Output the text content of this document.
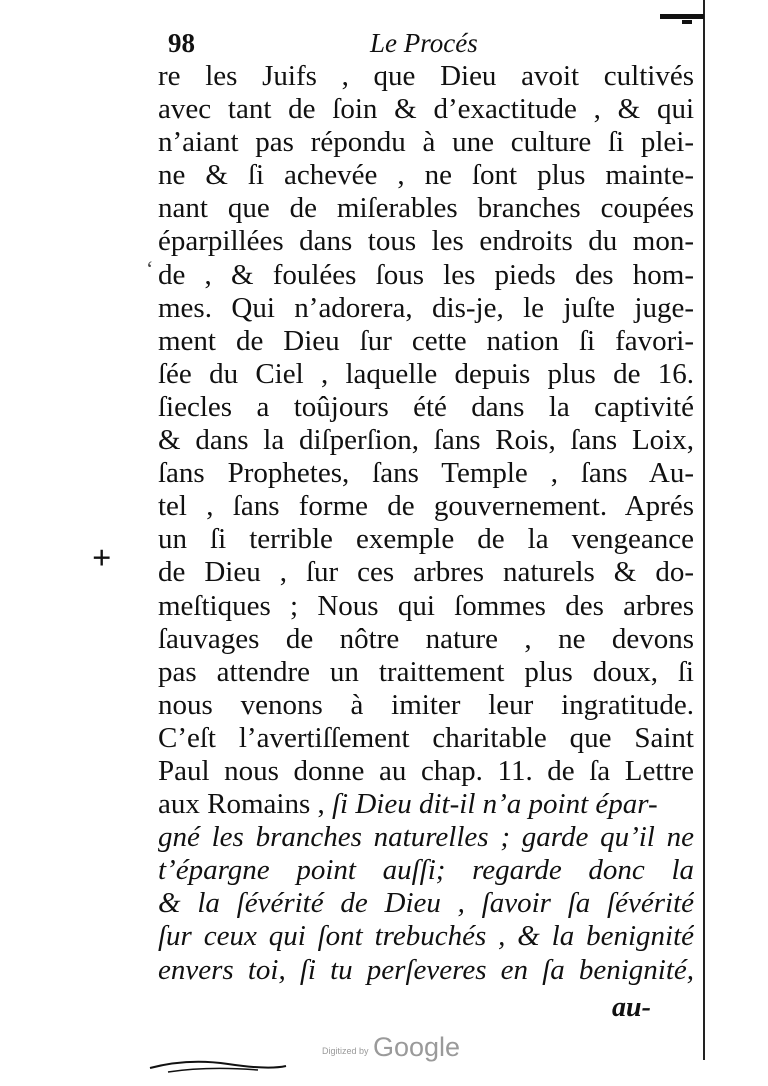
98	Le Procés
‘
+
re les Juifs , que Dieu avoit cultivés
avec tant de ſoin & d’exactitude , & qui
n’aiant pas répondu à une culture ſi plei-
ne & ſi achevée , ne ſont plus mainte-
nant que de miſerables branches coupées
éparpillées dans tous les endroits du mon-
de , & foulées ſous les pieds des hom-
mes. Qui n’adorera, dis-je, le juſte juge-
ment de Dieu ſur cette nation ſi favori-
ſée du Ciel , laquelle depuis plus de 16.
ſiecles a toûjours été dans la captivité
& dans la diſperſion, ſans Rois, ſans Loix,
ſans Prophetes, ſans Temple , ſans Au-
tel , ſans forme de gouvernement. Aprés
un ſi terrible exemple de la vengeance
de Dieu , ſur ces arbres naturels & do-
meſtiques ; Nous qui ſommes des arbres
ſauvages de nôtre nature , ne devons
pas attendre un traittement plus doux, ſi
nous venons à imiter leur ingratitude.
C’eſt l’avertiſſement charitable que Saint
Paul nous donne au chap. 11. de ſa Lettre
aux Romains , ſi Dieu dit-il n’a point épar-
gné les branches naturelles ; garde qu’il ne
t’épargne point auſſi; regarde donc la
& la ſévérité de Dieu , ſavoir ſa ſévérité
ſur ceux qui ſont trebuchés , & la benignité
envers toi, ſi tu perſeveres en ſa benignité,
au-
Digitized by Google
